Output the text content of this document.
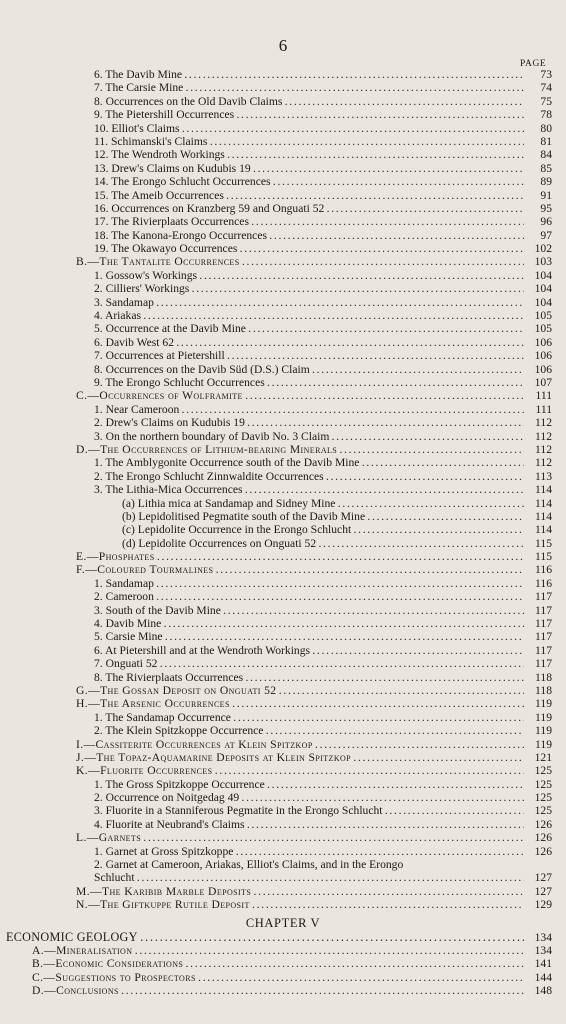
6
PAGE
6. The Davib Mine . . .	73
7. The Carsie Mine . . .	74
8. Occurrences on the Old Davib Claims . . .	75
9. The Pietershill Occurrences . . .	78
10. Elliot's Claims . . .	80
11. Schimanski's Claims . . .	81
12. The Wendroth Workings . . .	84
13. Drew's Claims on Kudubis 19 . . .	85
14. The Erongo Schlucht Occurrences . . .	89
15. The Ameib Occurrences . . .	91
16. Occurrences on Kranzberg 59 and Onguati 52 . . .	95
17. The Rivierplaats Occurrences . . .	96
18. The Kanona-Erongo Occurrences . . .	97
19. The Okawayo Occurrences . . .	102
B.—The Tantalite Occurrences . . .	103
1. Gossow's Workings . . .	104
2. Cilliers' Workings . . .	104
3. Sandamap . . .	104
4. Ariakas . . .	105
5. Occurrence at the Davib Mine . . .	105
6. Davib West 62 . . .	106
7. Occurrences at Pietershill . . .	106
8. Occurrences on the Davib Süd (D.S.) Claim . . .	106
9. The Erongo Schlucht Occurrences . . .	107
C.—Occurrences of Wolframite . . .	111
1. Near Cameroon . . .	111
2. Drew's Claims on Kudubis 19 . . .	112
3. On the northern boundary of Davib No. 3 Claim . . .	112
D.—The Occurrences of Lithium-bearing Minerals . . .	112
1. The Amblygonite Occurrence south of the Davib Mine . . .	112
2. The Erongo Schlucht Zinnwaldite Occurrences . . .	113
3. The Lithia-Mica Occurrences . . .	114
(a) Lithia mica at Sandamap and Sidney Mine . . .	114
(b) Lepidolitised Pegmatite south of the Davib Mine . . .	114
(c) Lepidolite Occurrence in the Erongo Schlucht . . .	114
(d) Lepidolite Occurrences on Onguati 52 . . .	115
E.—Phosphates . . .	115
F.—Coloured Tourmalines . . .	116
1. Sandamap . . .	116
2. Cameroon . . .	117
3. South of the Davib Mine . . .	117
4. Davib Mine . . .	117
5. Carsie Mine . . .	117
6. At Pietershill and at the Wendroth Workings . . .	117
7. Onguati 52 . . .	117
8. The Rivierplaats Occurrences . . .	118
G.—The Gossan Deposit on Onguati 52 . . .	118
H.—The Arsenic Occurrences . . .	119
1. The Sandamap Occurrence . . .	119
2. The Klein Spitzkoppe Occurrence . . .	119
I.—Cassiterite Occurrences at Klein Spitzkop . . .	119
J.—The Topaz-Aquamarine Deposits at Klein Spitzkop . . .	121
K.—Fluorite Occurrences . . .	125
1. The Gross Spitzkoppe Occurrence . . .	125
2. Occurrence on Noitgedag 49 . . .	125
3. Fluorite in a Stanniferous Pegmatite in the Erongo Schlucht . . .	125
4. Fluorite at Neubrand's Claims . . .	126
L.—Garnets . . .	126
1. Garnet at Gross Spitzkoppe . . .	126
2. Garnet at Cameroon, Ariakas, Elliot's Claims, and in the Erongo
Schlucht . . .	127
M.—The Karibib Marble Deposits . . .	127
N.—The Giftkuppe Rutile Deposit . . .	129
CHAPTER V
ECONOMIC GEOLOGY . . .	134
A.—Mineralisation . . .	134
B.—Economic Considerations . . .	141
C.—Suggestions to Prospectors . . .	144
D.—Conclusions . . .	148
